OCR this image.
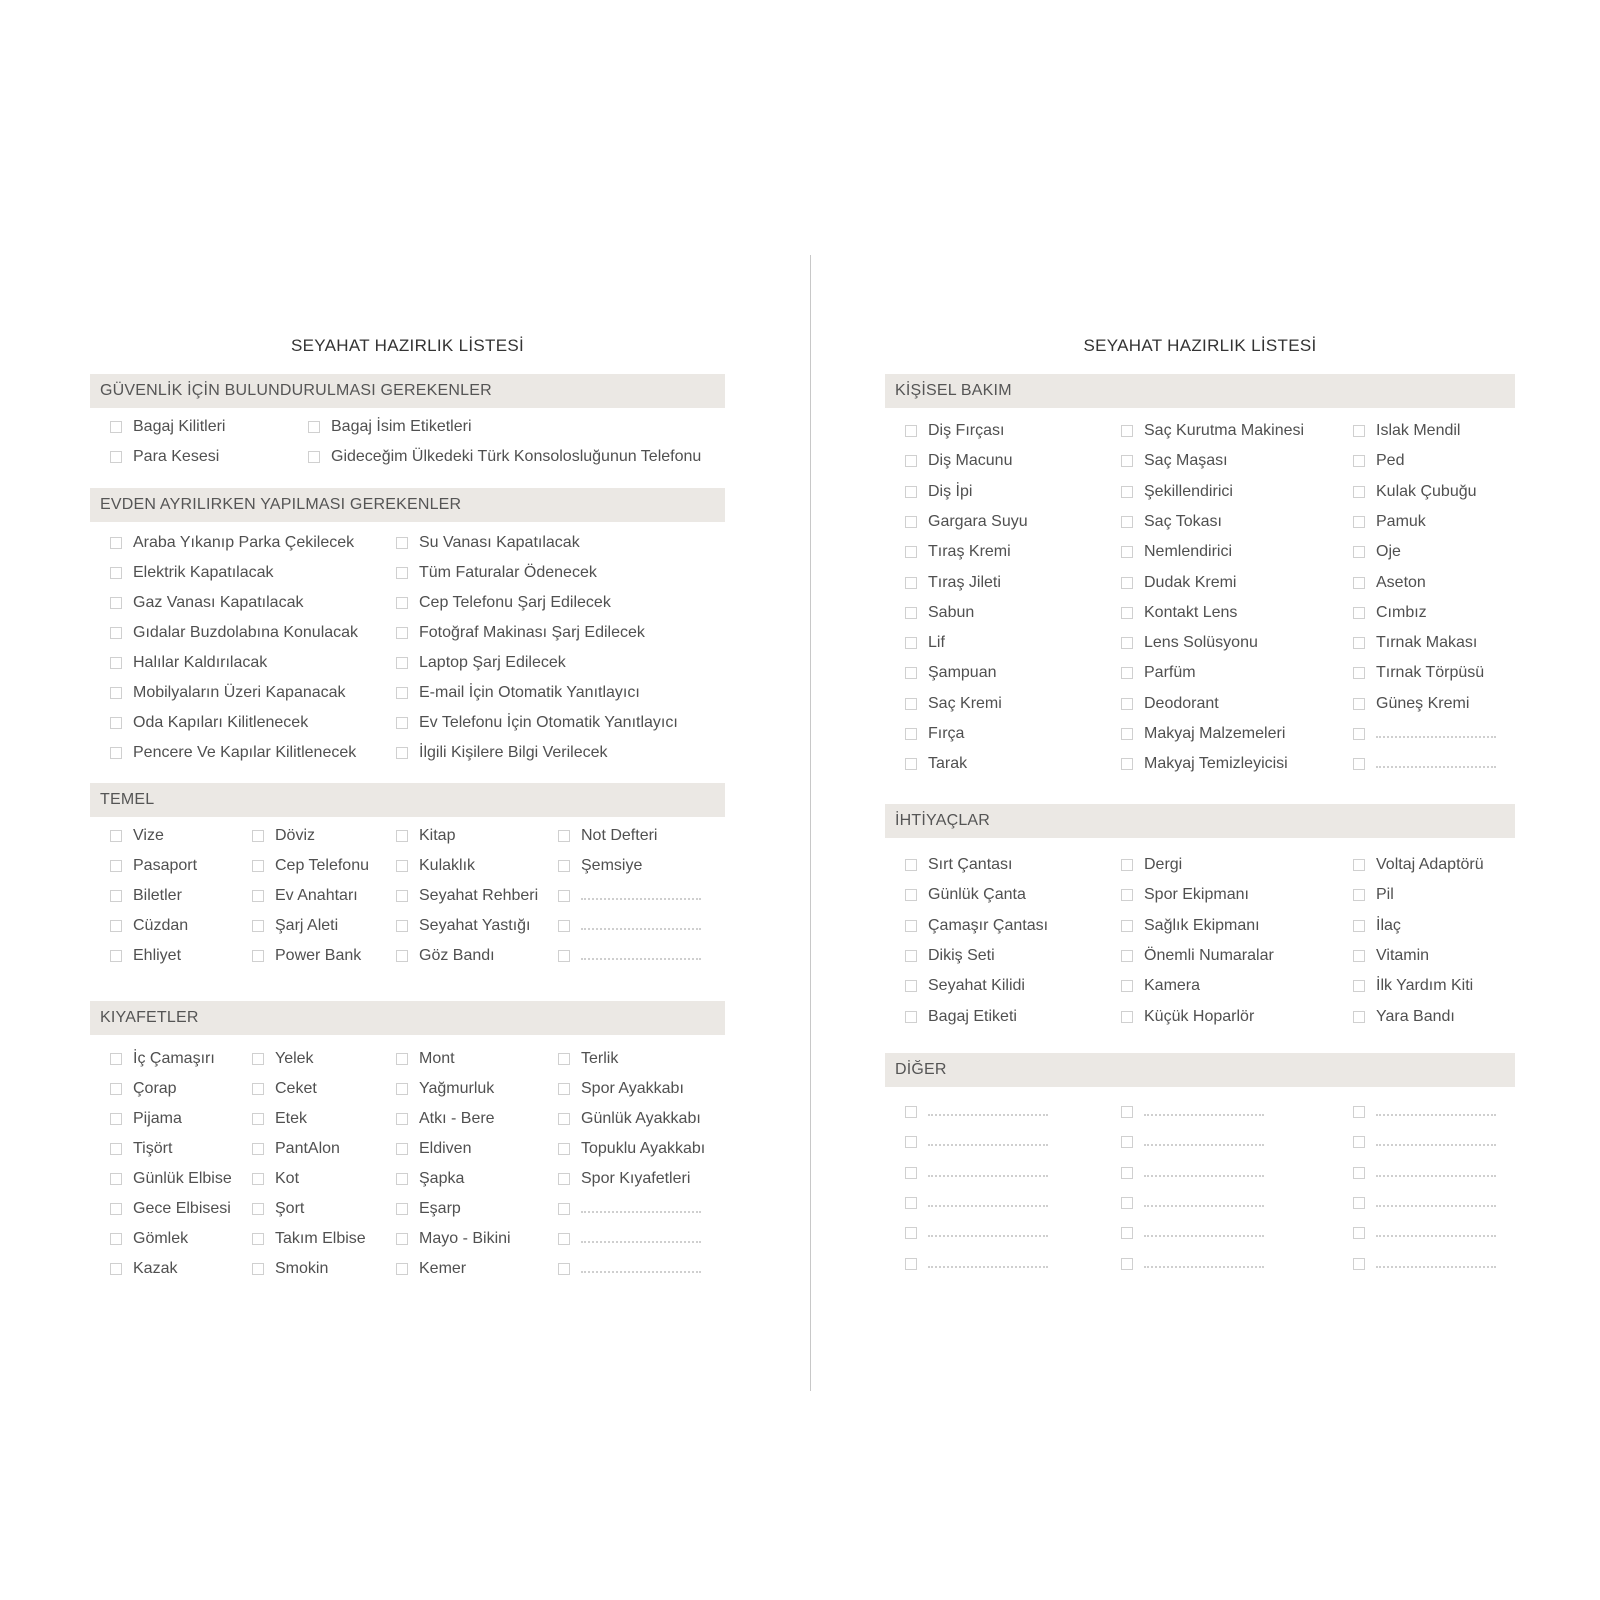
SEYAHAT HAZIRLIK LİSTESİ
GÜVENLİK İÇİN BULUNDURULMASI GEREKENLER
Bagaj Kilitleri
Para Kesesi
Bagaj İsim Etiketleri
Gideceğim Ülkedeki Türk Konsolosluğunun Telefonu
EVDEN AYRILIRKEN YAPILMASI GEREKENLER
Araba Yıkanıp Parka Çekilecek
Elektrik Kapatılacak
Gaz Vanası Kapatılacak
Gıdalar Buzdolabına Konulacak
Halılar Kaldırılacak
Mobilyaların Üzeri Kapanacak
Oda Kapıları Kilitlenecek
Pencere Ve Kapılar Kilitlenecek
Su Vanası Kapatılacak
Tüm Faturalar Ödenecek
Cep Telefonu Şarj Edilecek
Fotoğraf Makinası Şarj Edilecek
Laptop Şarj Edilecek
E-mail İçin Otomatik Yanıtlayıcı
Ev Telefonu İçin Otomatik Yanıtlayıcı
İlgili Kişilere Bilgi Verilecek
TEMEL
Vize
Pasaport
Biletler
Cüzdan
Ehliyet
Döviz
Cep Telefonu
Ev Anahtarı
Şarj Aleti
Power Bank
Kitap
Kulaklık
Seyahat Rehberi
Seyahat Yastığı
Göz Bandı
Not Defteri
Şemsiye
KIYAFETLER
İç Çamaşırı
Çorap
Pijama
Tişört
Günlük Elbise
Gece Elbisesi
Gömlek
Kazak
Yelek
Ceket
Etek
PantAlon
Kot
Şort
Takım Elbise
Smokin
Mont
Yağmurluk
Atkı - Bere
Eldiven
Şapka
Eşarp
Mayo - Bikini
Kemer
Terlik
Spor Ayakkabı
Günlük Ayakkabı
Topuklu Ayakkabı
Spor Kıyafetleri
SEYAHAT HAZIRLIK LİSTESİ
KİŞİSEL BAKIM
Diş Fırçası
Diş Macunu
Diş İpi
Gargara Suyu
Tıraş Kremi
Tıraş Jileti
Sabun
Lif
Şampuan
Saç Kremi
Fırça
Tarak
Saç Kurutma Makinesi
Saç Maşası
Şekillendirici
Saç Tokası
Nemlendirici
Dudak Kremi
Kontakt Lens
Lens Solüsyonu
Parfüm
Deodorant
Makyaj Malzemeleri
Makyaj Temizleyicisi
Islak Mendil
Ped
Kulak Çubuğu
Pamuk
Oje
Aseton
Cımbız
Tırnak Makası
Tırnak Törpüsü
Güneş Kremi
İHTİYAÇLAR
Sırt Çantası
Günlük Çanta
Çamaşır Çantası
Dikiş Seti
Seyahat Kilidi
Bagaj Etiketi
Dergi
Spor Ekipmanı
Sağlık Ekipmanı
Önemli Numaralar
Kamera
Küçük Hoparlör
Voltaj Adaptörü
Pil
İlaç
Vitamin
İlk Yardım Kiti
Yara Bandı
DİĞER
